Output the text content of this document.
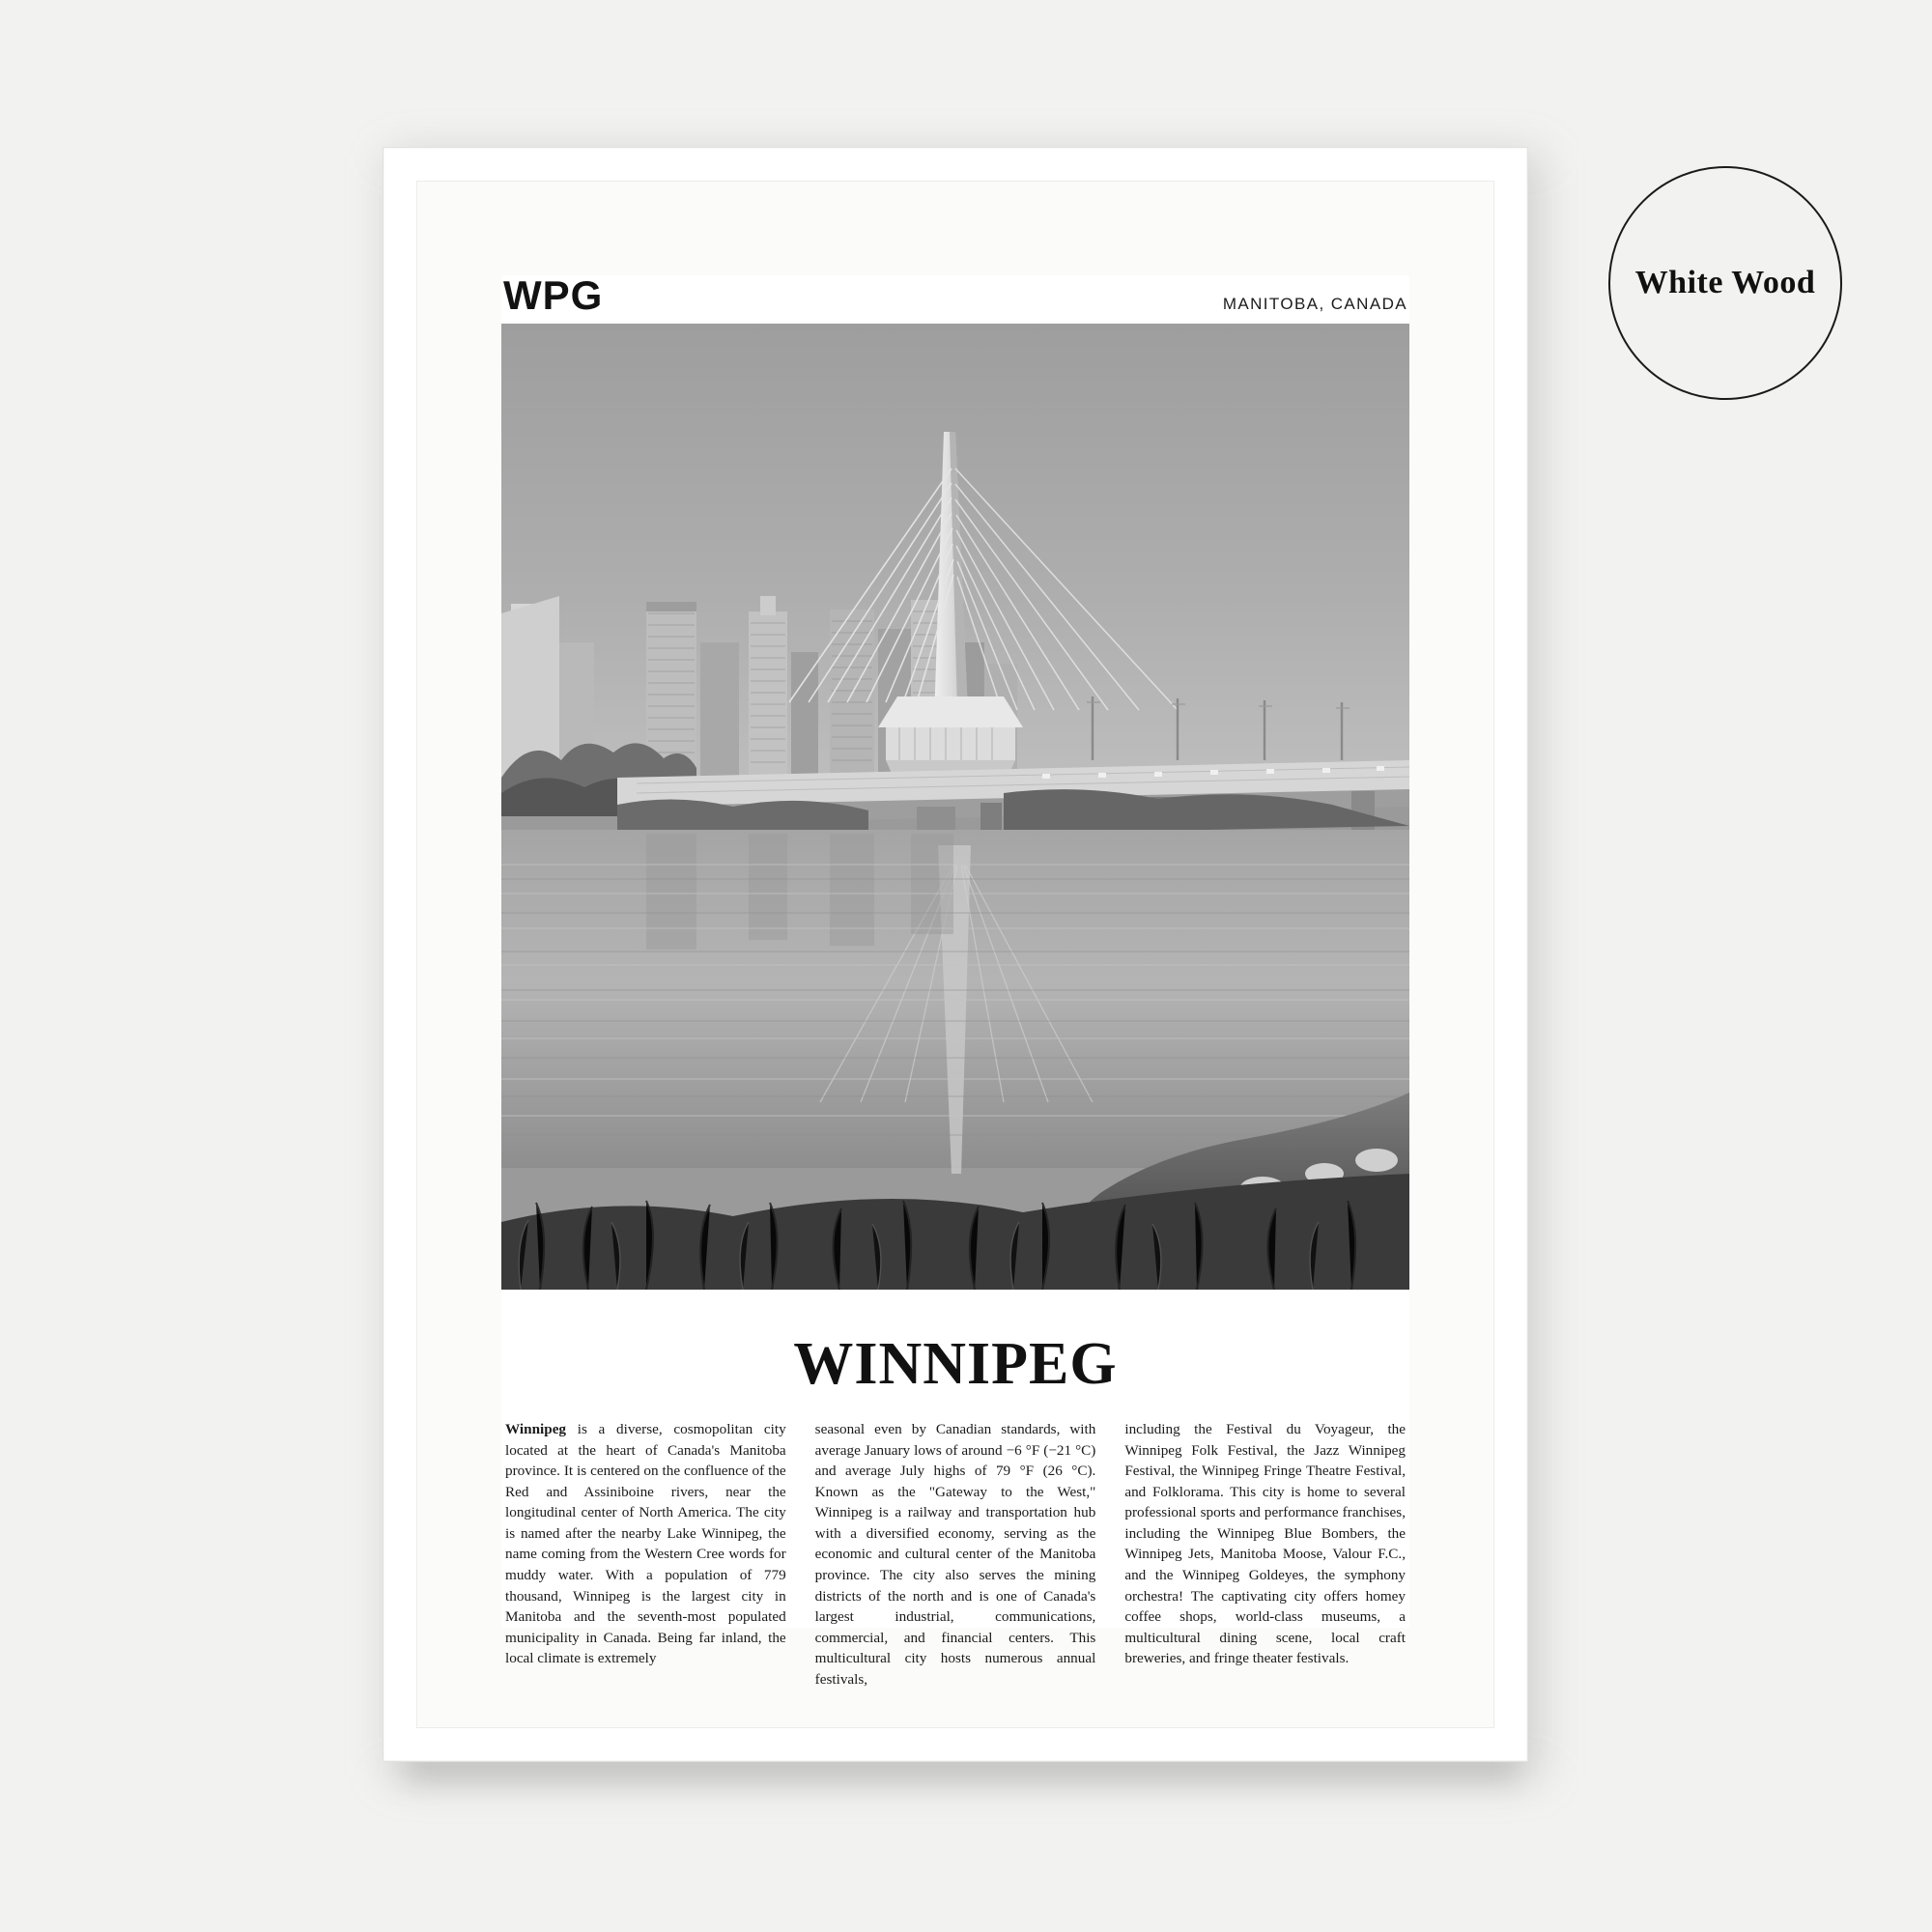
White Wood
WPG	MANITOBA, CANADA
WINNIPEG
Winnipeg is a diverse, cosmopolitan city located at the heart of Canada's Manitoba province. It is centered on the confluence of the Red and Assiniboine rivers, near the longitudinal center of North America. The city is named after the nearby Lake Winnipeg, the name coming from the Western Cree words for muddy water. With a population of 779 thousand, Winnipeg is the largest city in Manitoba and the seventh-most populated municipality in Canada. Being far inland, the local climate is extremely
seasonal even by Canadian standards, with average January lows of around −6 °F (−21 °C) and average July highs of 79 °F (26 °C). Known as the "Gateway to the West," Winnipeg is a railway and transportation hub with a diversified economy, serving as the economic and cultural center of the Manitoba province. The city also serves the mining districts of the north and is one of Canada's largest industrial, communications, commercial, and financial centers. This multicultural city hosts numerous annual festivals,
including the Festival du Voyageur, the Winnipeg Folk Festival, the Jazz Winnipeg Festival, the Winnipeg Fringe Theatre Festival, and Folklorama. This city is home to several professional sports and performance franchises, including the Winnipeg Blue Bombers, the Winnipeg Jets, Manitoba Moose, Valour F.C., and the Winnipeg Goldeyes, the symphony orchestra! The captivating city offers homey coffee shops, world-class museums, a multicultural dining scene, local craft breweries, and fringe theater festivals.
